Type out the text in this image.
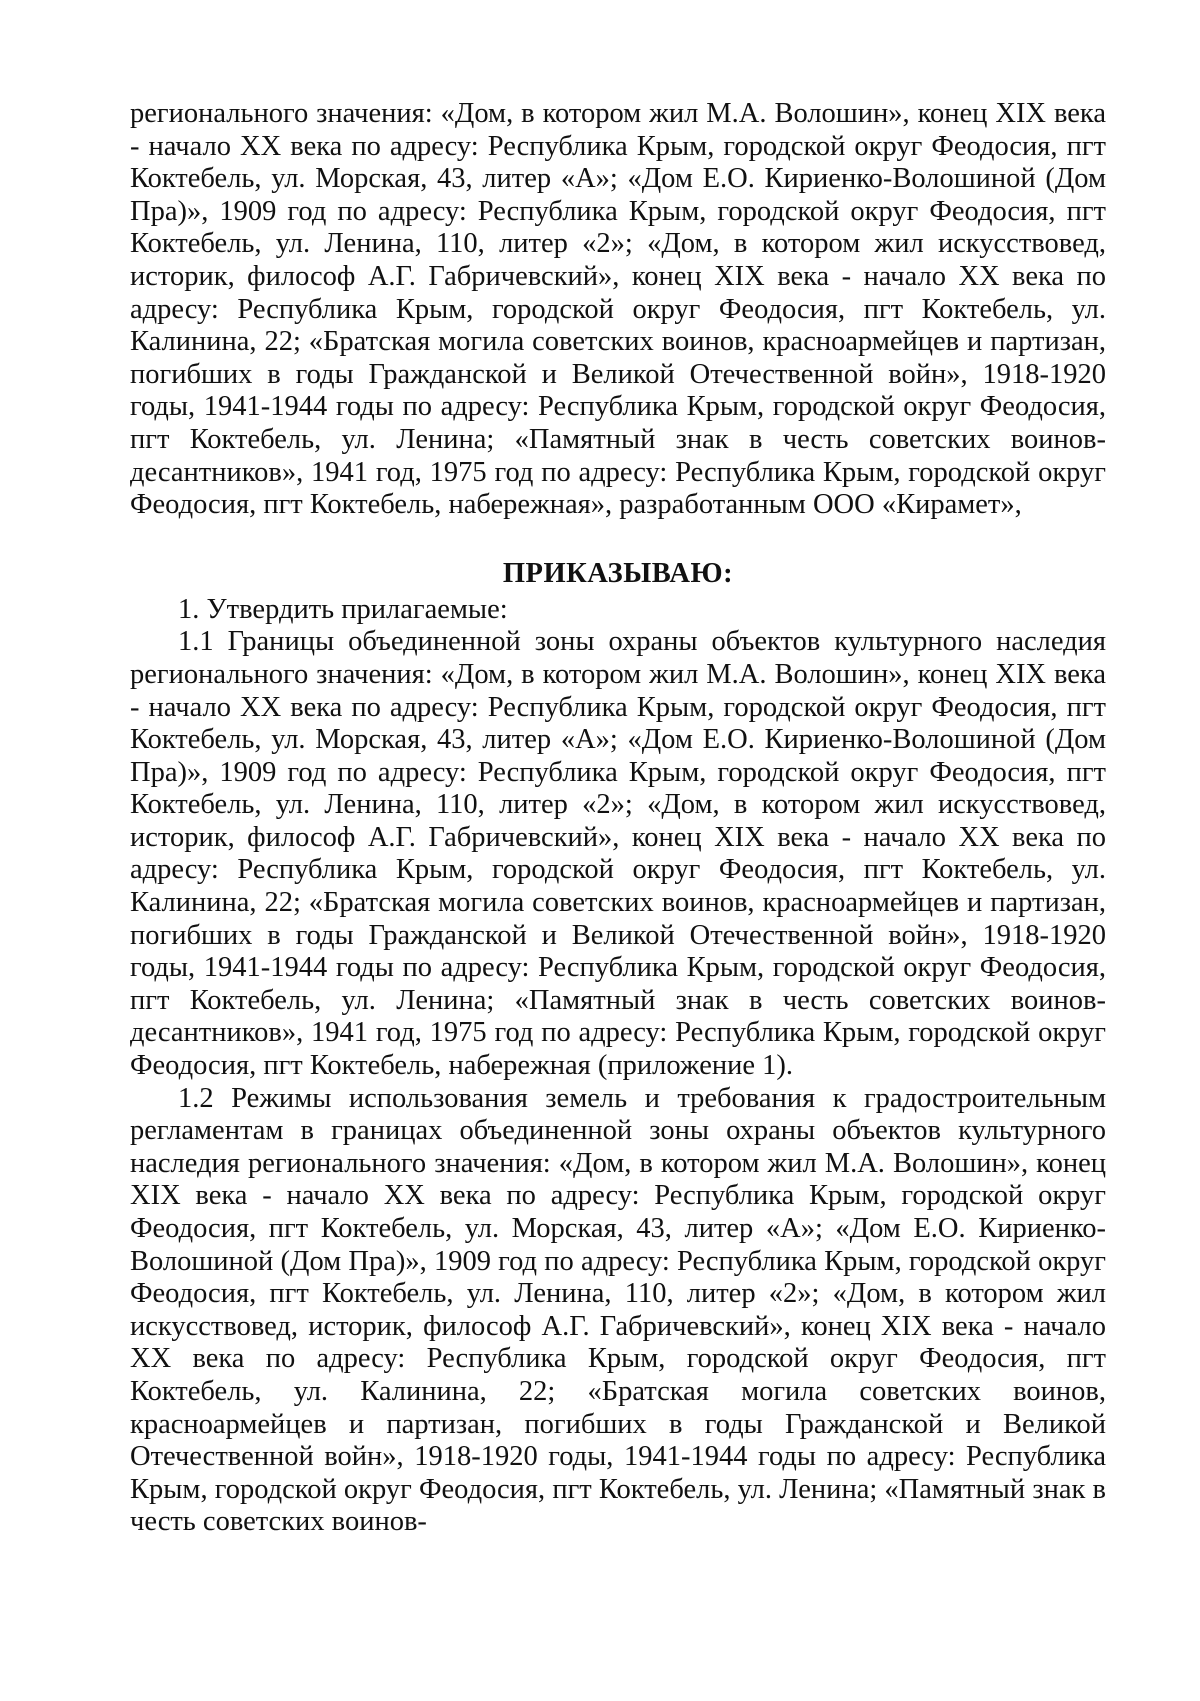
регионального значения: «Дом, в котором жил М.А. Волошин», конец XIX века - начало XX века по адресу: Республика Крым, городской округ Феодосия, пгт Коктебель, ул. Морская, 43, литер «А»; «Дом Е.О. Кириенко-Волошиной (Дом Пра)», 1909 год по адресу: Республика Крым, городской округ Феодосия, пгт Коктебель, ул. Ленина, 110, литер «2»; «Дом, в котором жил искусствовед, историк, философ А.Г. Габричевский», конец XIX века - начало XX века по адресу: Республика Крым, городской округ Феодосия, пгт Коктебель, ул. Калинина, 22; «Братская могила советских воинов, красноармейцев и партизан, погибших в годы Гражданской и Великой Отечественной войн», 1918-1920 годы, 1941-1944 годы по адресу: Республика Крым, городской округ Феодосия, пгт Коктебель, ул. Ленина; «Памятный знак в честь советских воинов-десантников», 1941 год, 1975 год по адресу: Республика Крым, городской округ Феодосия, пгт Коктебель, набережная», разработанным ООО «Кирамет»,

ПРИКАЗЫВАЮ:

1. Утвердить прилагаемые:

1.1 Границы объединенной зоны охраны объектов культурного наследия регионального значения: «Дом, в котором жил М.А. Волошин», конец XIX века - начало XX века по адресу: Республика Крым, городской округ Феодосия, пгт Коктебель, ул. Морская, 43, литер «А»; «Дом Е.О. Кириенко-Волошиной (Дом Пра)», 1909 год по адресу: Республика Крым, городской округ Феодосия, пгт Коктебель, ул. Ленина, 110, литер «2»; «Дом, в котором жил искусствовед, историк, философ А.Г. Габричевский», конец XIX века - начало XX века по адресу: Республика Крым, городской округ Феодосия, пгт Коктебель, ул. Калинина, 22; «Братская могила советских воинов, красноармейцев и партизан, погибших в годы Гражданской и Великой Отечественной войн», 1918-1920 годы, 1941-1944 годы по адресу: Республика Крым, городской округ Феодосия, пгт Коктебель, ул. Ленина; «Памятный знак в честь советских воинов-десантников», 1941 год, 1975 год по адресу: Республика Крым, городской округ Феодосия, пгт Коктебель, набережная (приложение 1).

1.2 Режимы использования земель и требования к градостроительным регламентам в границах объединенной зоны охраны объектов культурного наследия регионального значения: «Дом, в котором жил М.А. Волошин», конец XIX века - начало XX века по адресу: Республика Крым, городской округ Феодосия, пгт Коктебель, ул. Морская, 43, литер «А»; «Дом Е.О. Кириенко-Волошиной (Дом Пра)», 1909 год по адресу: Республика Крым, городской округ Феодосия, пгт Коктебель, ул. Ленина, 110, литер «2»; «Дом, в котором жил искусствовед, историк, философ А.Г. Габричевский», конец XIX века - начало XX века по адресу: Республика Крым, городской округ Феодосия, пгт Коктебель, ул. Калинина, 22; «Братская могила советских воинов, красноармейцев и партизан, погибших в годы Гражданской и Великой Отечественной войн», 1918-1920 годы, 1941-1944 годы по адресу: Республика Крым, городской округ Феодосия, пгт Коктебель, ул. Ленина; «Памятный знак в честь советских воинов-
